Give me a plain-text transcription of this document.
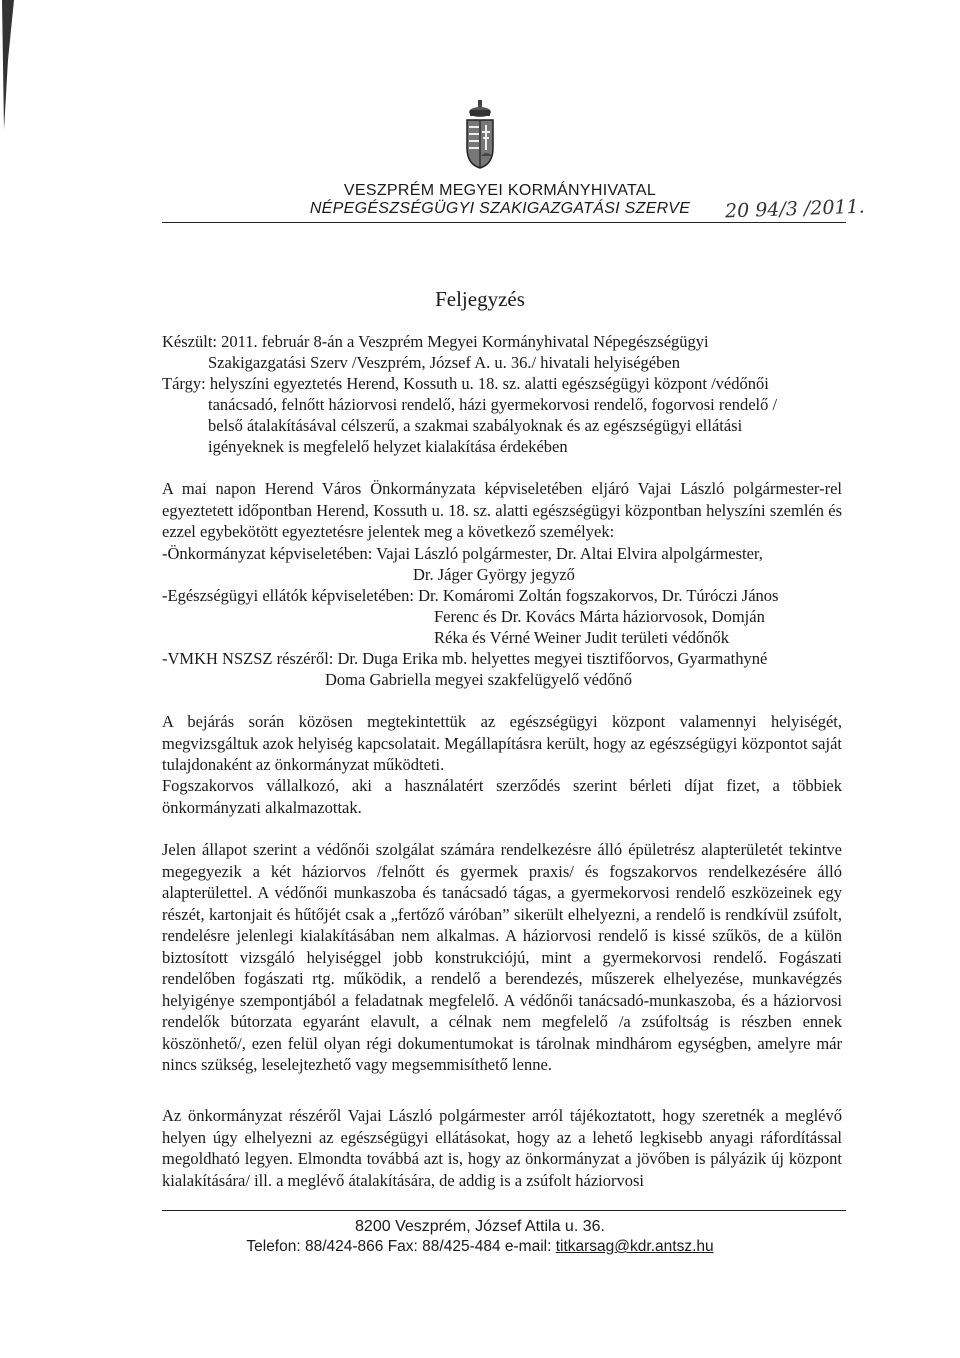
VESZPRÉM MEGYEI KORMÁNYHIVATAL
NÉPEGÉSZSÉGÜGYI SZAKIGAZGATÁSI SZERVE	20 94/3 /2011.
Feljegyzés
Készült: 2011. február 8-án a Veszprém Megyei Kormányhivatal Népegészségügyi
Szakigazgatási Szerv /Veszprém, József A. u. 36./ hivatali helyiségében
Tárgy: helyszíni egyeztetés Herend, Kossuth u. 18. sz. alatti egészségügyi központ /védőnői
tanácsadó, felnőtt háziorvosi rendelő, házi gyermekorvosi rendelő, fogorvosi rendelő /
belső átalakításával célszerű, a szakmai szabályoknak és az egészségügyi ellátási
igényeknek is megfelelő helyzet kialakítása érdekében
A mai napon Herend Város Önkormányzata képviseletében eljáró Vajai László polgármester-rel egyeztetett időpontban Herend, Kossuth u. 18. sz. alatti egészségügyi központban helyszíni szemlén és ezzel egybekötött egyeztetésre jelentek meg a következő személyek:
-Önkormányzat képviseletében: Vajai László polgármester, Dr. Altai Elvira alpolgármester,
Dr. Jáger György jegyző
-Egészségügyi ellátók képviseletében: Dr. Komáromi Zoltán fogszakorvos, Dr. Túróczi János
Ferenc és Dr. Kovács Márta háziorvosok, Domján
Réka és Vérné Weiner Judit területi védőnők
-VMKH NSZSZ részéről: Dr. Duga Erika mb. helyettes megyei tisztifőorvos, Gyarmathyné
Doma Gabriella megyei szakfelügyelő védőnő
A bejárás során közösen megtekintettük az egészségügyi központ valamennyi helyiségét, megvizsgáltuk azok helyiség kapcsolatait. Megállapításra került, hogy az egészségügyi központot saját tulajdonaként az önkormányzat működteti.
Fogszakorvos vállalkozó, aki a használatért szerződés szerint bérleti díjat fizet, a többiek önkormányzati alkalmazottak.
Jelen állapot szerint a védőnői szolgálat számára rendelkezésre álló épületrész alapterületét tekintve megegyezik a két háziorvos /felnőtt és gyermek praxis/ és fogszakorvos rendelkezésére álló alapterülettel. A védőnői munkaszoba és tanácsadó tágas, a gyermekorvosi rendelő eszközeinek egy részét, kartonjait és hűtőjét csak a „fertőző váróban” sikerült elhelyezni, a rendelő is rendkívül zsúfolt, rendelésre jelenlegi kialakításában nem alkalmas. A háziorvosi rendelő is kissé szűkös, de a külön biztosított vizsgáló helyiséggel jobb konstrukciójú, mint a gyermekorvosi rendelő. Fogászati rendelőben fogászati rtg. működik, a rendelő a berendezés, műszerek elhelyezése, munkavégzés helyigénye szempontjából a feladatnak megfelelő. A védőnői tanácsadó-munkaszoba, és a háziorvosi rendelők bútorzata egyaránt elavult, a célnak nem megfelelő /a zsúfoltság is részben ennek köszönhető/, ezen felül olyan régi dokumentumokat is tárolnak mindhárom egységben, amelyre már nincs szükség, leselejtezhető vagy megsemmisíthető lenne.
Az önkormányzat részéről Vajai László polgármester arról tájékoztatott, hogy szeretnék a meglévő helyen úgy elhelyezni az egészségügyi ellátásokat, hogy az a lehető legkisebb anyagi ráfordítással megoldható legyen. Elmondta továbbá azt is, hogy az önkormányzat a jövőben is pályázik új központ kialakítására/ ill. a meglévő átalakítására, de addig is a zsúfolt háziorvosi
8200 Veszprém, József Attila u. 36.
Telefon: 88/424-866 Fax: 88/425-484 e-mail: titkarsag@kdr.antsz.hu
